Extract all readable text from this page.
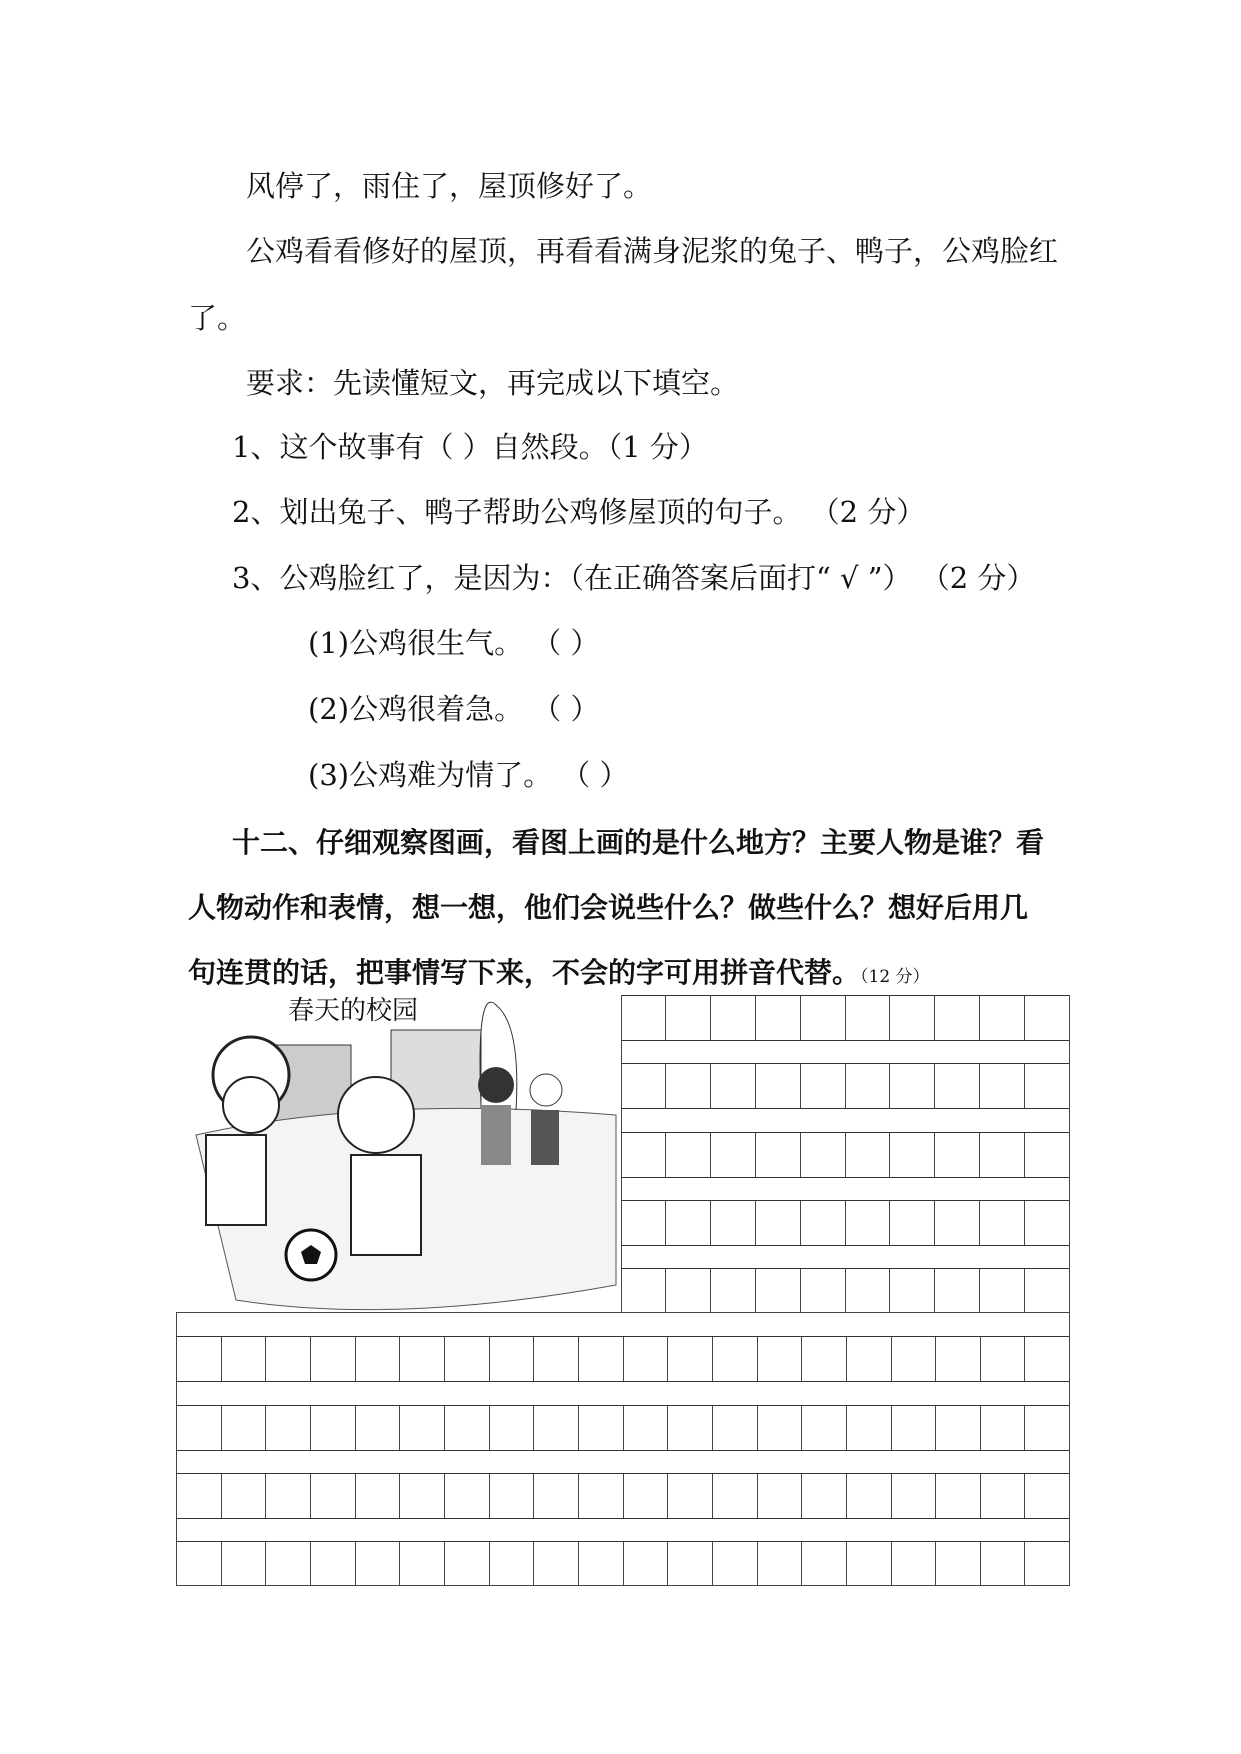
风停了，雨住了，屋顶修好了。
公鸡看看修好的屋顶，再看看满身泥浆的兔子、鸭子，公鸡脸红
了。
要求：先读懂短文，再完成以下填空。
1、这个故事有（ ）自然段。（1 分）
2、划出兔子、鸭子帮助公鸡修屋顶的句子。 （2 分）
3、公鸡脸红了，是因为：（在正确答案后面打“ √ ”） （2 分）
(1)公鸡很生气。 （ ）
(2)公鸡很着急。 （ ）
(3)公鸡难为情了。 （ ）
十二、仔细观察图画，看图上画的是什么地方？主要人物是谁？看
人物动作和表情，想一想，他们会说些什么？做些什么？想好后用几
句连贯的话，把事情写下来，不会的字可用拼音代替。（12 分）
春天的校园
